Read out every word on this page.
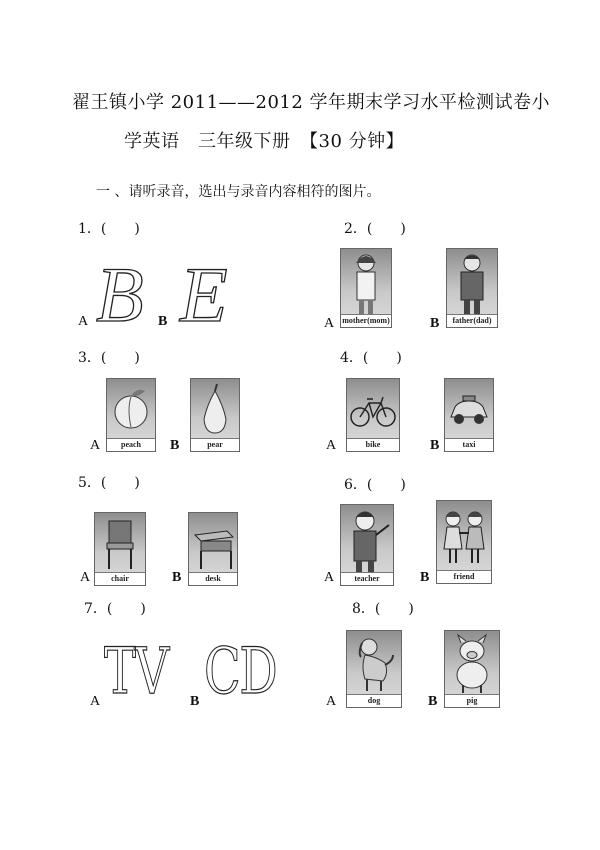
翟王镇小学 2011——2012 学年期末学习水平检测试卷小
学英语　三年级下册　【30 分钟】
一 、请听录音，选出与录音内容相符的图片。
1．(　　)
A B B E
2．(　　)
A mother(mom)	B	father(dad)
3．(　　)
A	peach	B	pear
4．(　　)
A	bike	B	taxi
5．(　　)
A	chair	B	desk
6．(　　)
A	teacher	B	friend
7．(　　)
A TV B CD
8．(　　)
A	dog	B	pig
